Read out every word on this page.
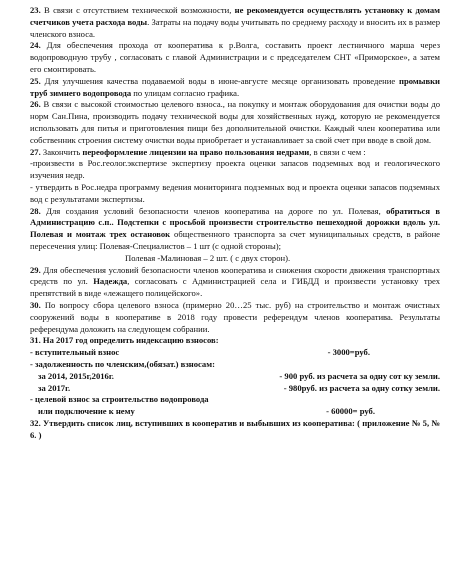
23. В связи с отсутствием технической возможности, не рекомендуется осуществлять установку к домам счетчиков учета расхода воды. Затраты на подачу воды учитывать по среднему расходу и вносить их в размер членского взноса.
24. Для обеспечения прохода от кооператива к р.Волга, составить проект лестничного марша через водопроводную трубу , согласовать с главой Администрации и с председателем СНТ «Приморское», а затем его смонтировать.
25. Для улучшения качества подаваемой воды в июне-августе месяце организовать проведение промывки труб зимнего водопровода по улицам согласно графика.
26. В связи с высокой стоимостью целевого взноса., на покупку и монтаж оборудования для очистки воды до норм Сан.Пина, производить подачу технической воды для хозяйственных нужд, которую не рекомендуется использовать для питья и приготовления пищи без дополнительной очистки. Каждый член кооператива или собственник строения систему очистки воды приобретает и устанавливает за свой счет при вводе в свой дом.
27. Закончить переоформление лицензии на право пользования недрами, в связи с чем :
-произвести в Рос.геолог.экспертизе экспертизу проекта оценки запасов подземных вод и геологического изучения недр.
- утвердить в Рос.недра программу ведения мониторинга подземных вод и проекта оценки запасов подземных вод с результатами экспертизы.
28. Для создания условий безопасности членов кооператива на дороге по ул. Полевая, обратиться в Администрацию с.п.. Подстепки с просьбой произвести строительство пешеходной дорожки вдоль ул. Полевая и монтаж трех остановок общественного транспорта за счет муниципальных средств, в районе пересечения улиц: Полевая-Специалистов – 1 шт (с одной стороны);
Полевая -Малиновая – 2 шт. ( с двух сторон).
29. Для обеспечения условий безопасности членов кооператива и снижения скорости движения транспортных средств по ул. Надежда, согласовать с Администрацией села и ГИБДД и произвести установку трех препятствий в виде «лежащего полицейского».
30. По вопросу сбора целевого взноса (примерно 20…25 тыс. руб) на строительство и монтаж очистных сооружений воды в кооперативе в 2018 году провести референдум членов кооператива. Результаты референдума доложить на следующем собрании.
31. На 2017 год определить индексацию взносов:
- вступительный взнос	- 3000=руб.
- задолженность по членским,(обязат.) взносам:
за 2014, 2015г,2016г.	- 900 руб. из расчета за одну сот ку земли.
за 2017г.	- 980руб. из расчета за одну сотку земли.
- целевой взнос за строительство водопровода
или подключение к нему	- 60000= руб.
32. Утвердить список лиц, вступивших в кооператив и выбывших из кооператива: ( приложение № 5, № 6. )
